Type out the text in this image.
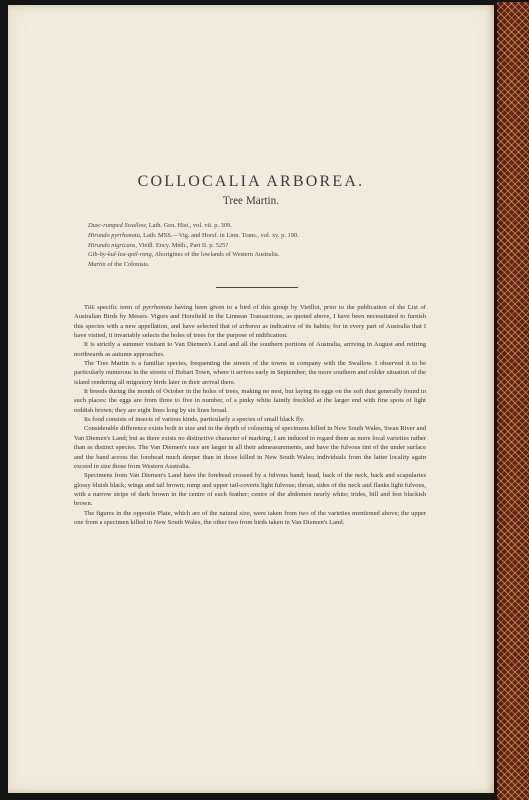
COLLOCALIA ARBOREA.
Tree Martin.
Dusc-rumped Swallow, Lath. Gen. Hist., vol. vii. p. 309.
Hirundo pyrrhonota, Lath. MSS.—Vig. and Horsf. in Linn. Trans., vol. xv. p. 190.
Hirundo nigricans, Vieill. Ency. Méth., Part II. p. 525?
Gib-by-kul-lea-qoil-rong, Aborigines of the lowlands of Western Australia.
Martin of the Colonists.

The specific term of pyrrhonota having been given to a bird of this group by Vieillot, prior to the publication of the List of Australian Birds by Messrs. Vigors and Horsfield in the Linnean Transactions, as quoted above, I have been necessitated to furnish this species with a new appellation, and have selected that of arborea as indicative of its habits; for in every part of Australia that I have visited, it invariably selects the holes of trees for the purpose of nidification.

It is strictly a summer visitant to Van Diemen's Land and all the southern portions of Australia, arriving in August and retiring northwards as autumn approaches.

The Tree Martin is a familiar species, frequenting the streets of the towns in company with the Swallow. I observed it to be particularly numerous in the streets of Hobart Town, where it arrives early in September; the more southern and colder situation of the island rendering all migratory birds later in their arrival there.

It breeds during the month of October in the holes of trees, making no nest, but laying its eggs on the soft dust generally found in such places: the eggs are from three to five in number, of a pinky white faintly freckled at the larger end with fine spots of light reddish brown; they are eight lines long by six lines broad.

Its food consists of insects of various kinds, particularly a species of small black fly.

Considerable difference exists both in size and in the depth of colouring of specimens killed in New South Wales, Swan River and Van Diemen's Land; but as there exists no distinctive character of marking, I am induced to regard them as mere local varieties rather than as distinct species. The Van Diemen's race are larger in all their admeasurements, and have the fulvous tint of the under surface and the band across the forehead much deeper than in those killed in New South Wales; individuals from the latter locality again exceed in size those from Western Australia.

Specimens from Van Diemen's Land have the forehead crossed by a fulvous band; head, back of the neck, back and scapularies glossy bluish black; wings and tail brown; rump and upper tail-coverts light fulvous; throat, sides of the neck and flanks light fulvous, with a narrow stripe of dark brown in the centre of each feather; centre of the abdomen nearly white; irides, bill and feet blackish brown.

The figures in the opposite Plate, which are of the natural size, were taken from two of the varieties mentioned above; the upper one from a specimen killed in New South Wales, the other two from birds taken in Van Diemen's Land.
